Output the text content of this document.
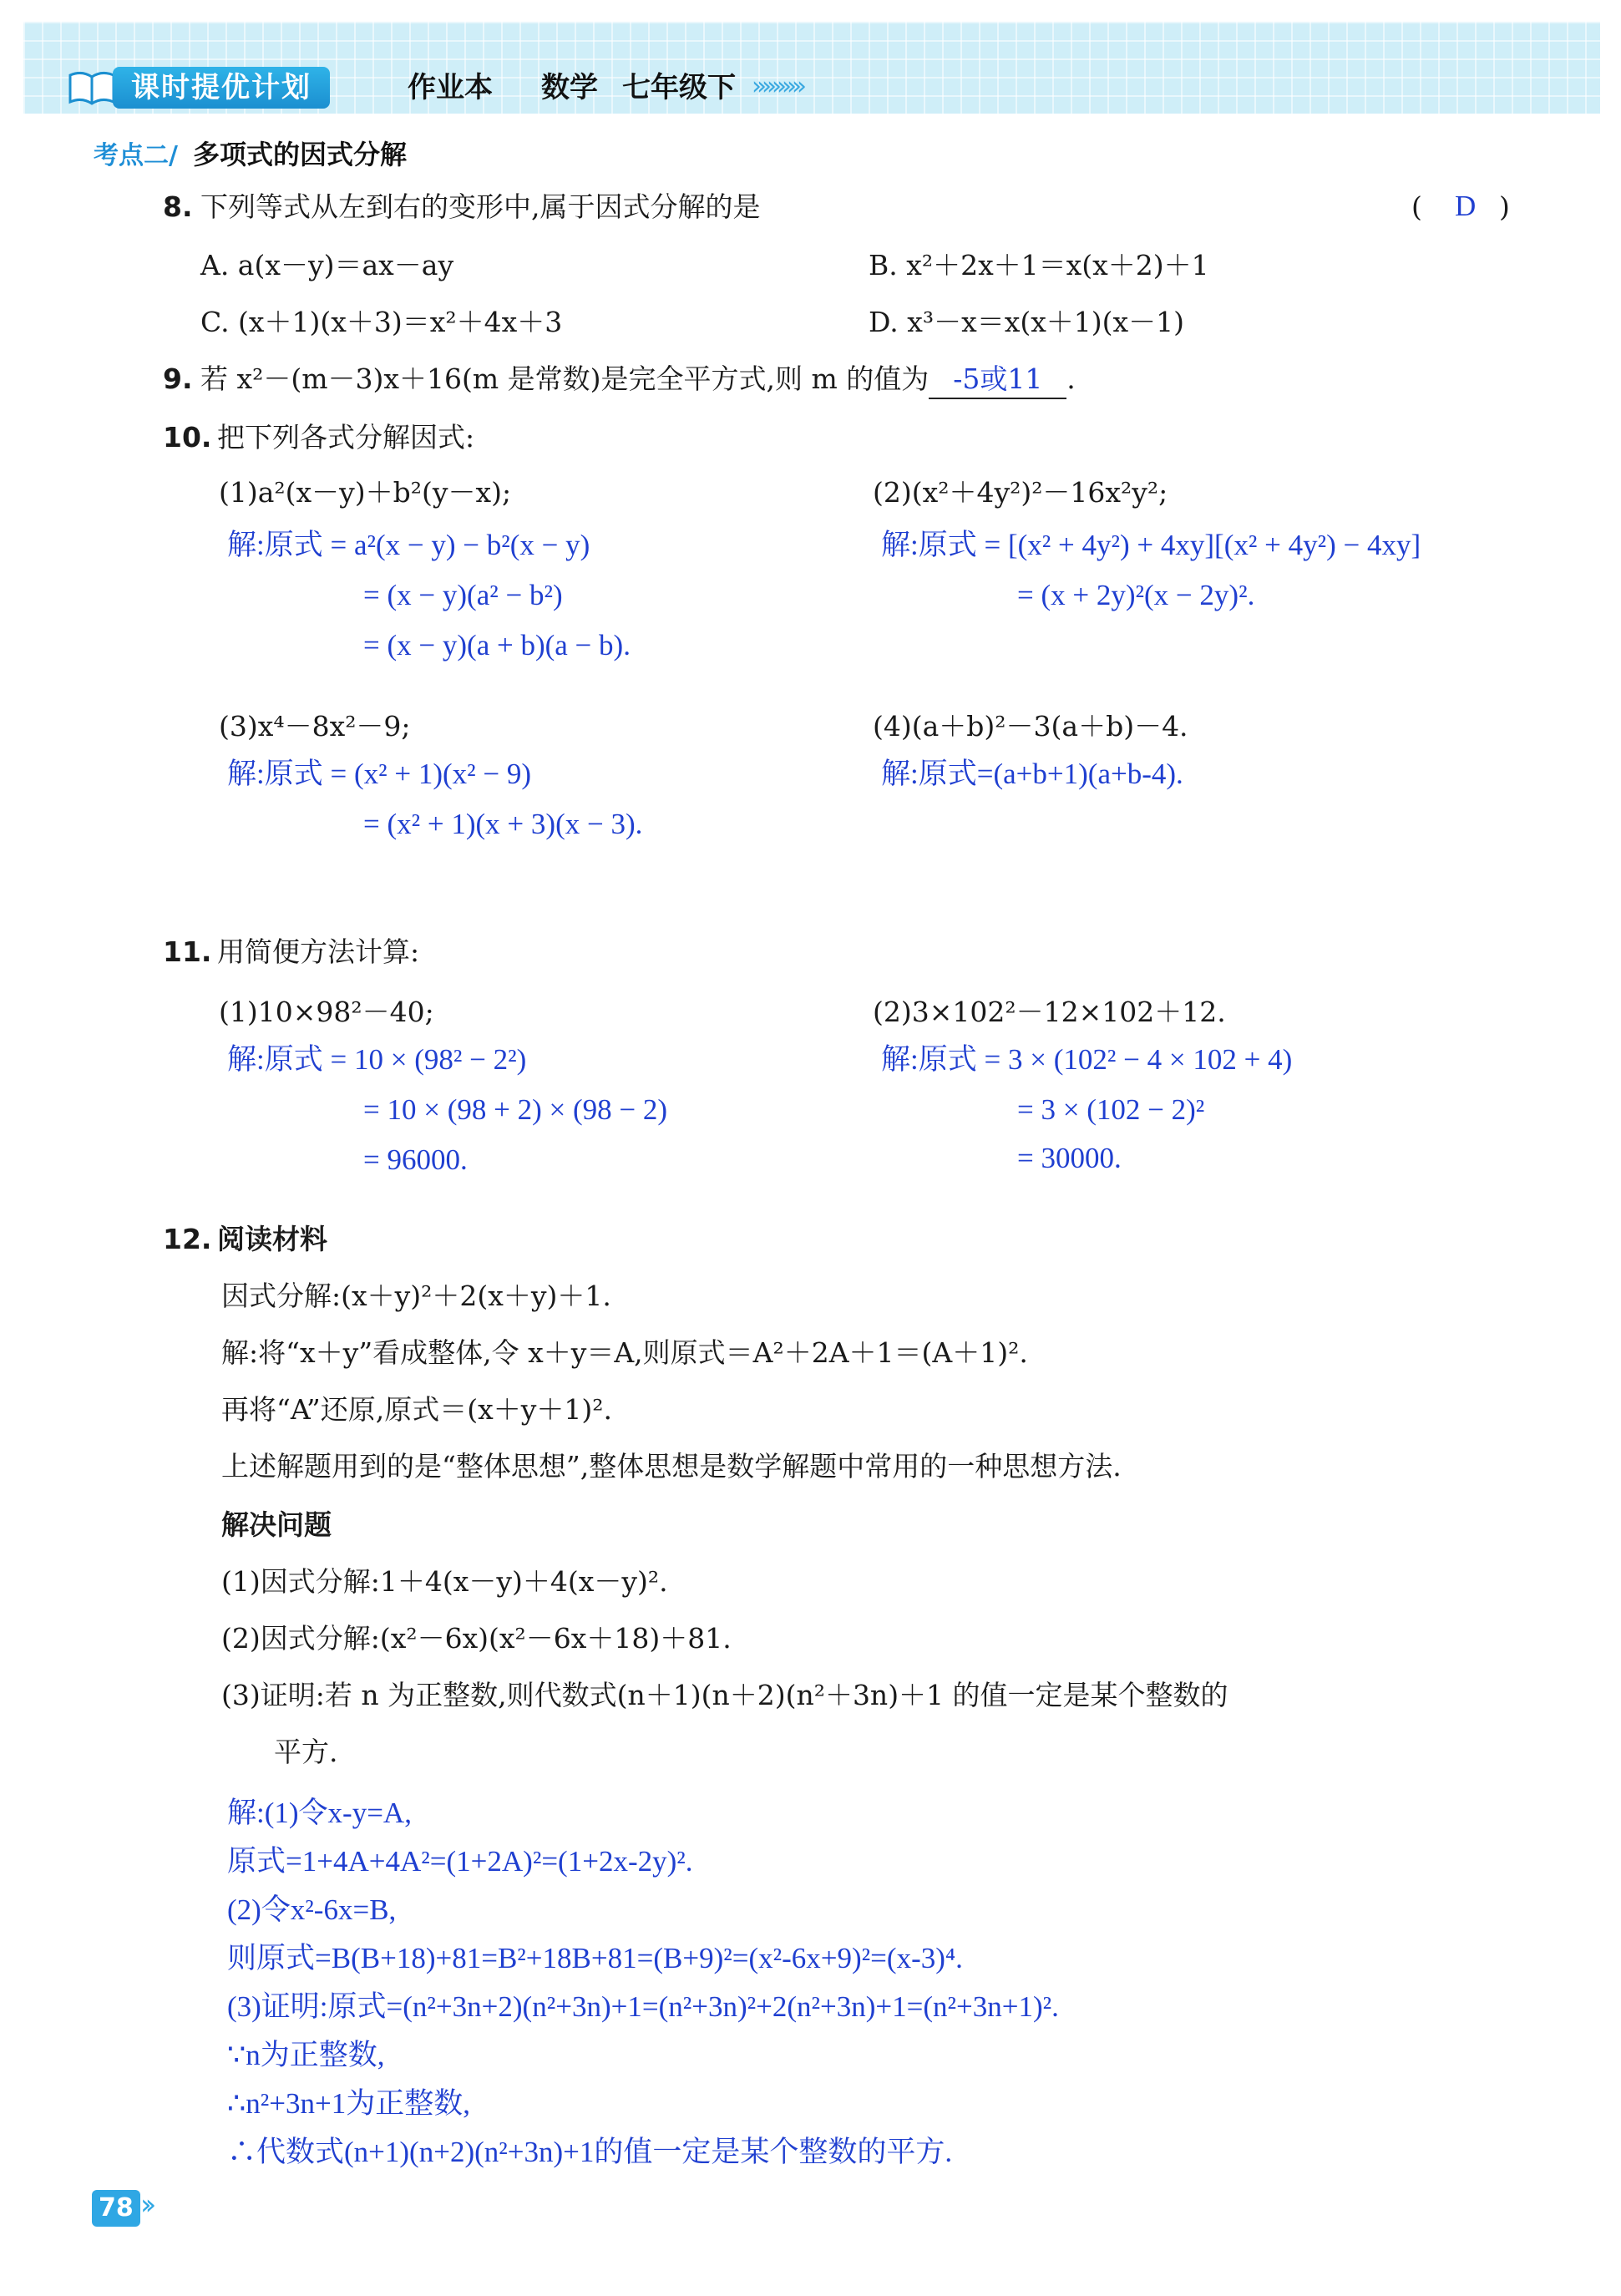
课时提优计划	作业本 数学 七年级下 ››››››››››
考点二/ 多项式的因式分解
8. 下列等式从左到右的变形中,属于因式分解的是	( D )
A. a(x－y)＝ax－ay	B. x²＋2x＋1＝x(x＋2)＋1
C. (x＋1)(x＋3)＝x²＋4x＋3	D. x³－x＝x(x＋1)(x－1)
9. 若 x²－(m－3)x＋16(m 是常数)是完全平方式,则 m 的值为 -5或11 .
10. 把下列各式分解因式:
(1)a²(x－y)＋b²(y－x);
解:原式 = a²(x − y) − b²(x − y)
= (x − y)(a² − b²)
= (x − y)(a + b)(a − b).
(2)(x²＋4y²)²－16x²y²;
解:原式 = [(x² + 4y²) + 4xy][(x² + 4y²) − 4xy]
= (x + 2y)²(x − 2y)².
(3)x⁴－8x²－9;
解:原式 = (x² + 1)(x² − 9)
= (x² + 1)(x + 3)(x − 3).
(4)(a＋b)²－3(a＋b)－4.
解:原式=(a+b+1)(a+b-4).
11. 用简便方法计算:
(1)10×98²－40;
解:原式 = 10 × (98² − 2²)
= 10 × (98 + 2) × (98 − 2)
= 96000.
(2)3×102²－12×102＋12.
解:原式 = 3 × (102² − 4 × 102 + 4)
= 3 × (102 − 2)²
= 30000.
12. 阅读材料
因式分解:(x＋y)²＋2(x＋y)＋1.
解:将“x＋y”看成整体,令 x＋y＝A,则原式＝A²＋2A＋1＝(A＋1)².
再将“A”还原,原式＝(x＋y＋1)².
上述解题用到的是“整体思想”,整体思想是数学解题中常用的一种思想方法.
解决问题
(1)因式分解:1＋4(x－y)＋4(x－y)².
(2)因式分解:(x²－6x)(x²－6x＋18)＋81.
(3)证明:若 n 为正整数,则代数式(n＋1)(n＋2)(n²＋3n)＋1 的值一定是某个整数的
平方.
解:(1)令x-y=A,
原式=1+4A+4A²=(1+2A)²=(1+2x-2y)².
(2)令x²-6x=B,
则原式=B(B+18)+81=B²+18B+81=(B+9)²=(x²-6x+9)²=(x-3)⁴.
(3)证明:原式=(n²+3n+2)(n²+3n)+1=(n²+3n)²+2(n²+3n)+1=(n²+3n+1)².
∵n为正整数,
∴n²+3n+1为正整数,
∴代数式(n+1)(n+2)(n²+3n)+1的值一定是某个整数的平方.
78 ››
